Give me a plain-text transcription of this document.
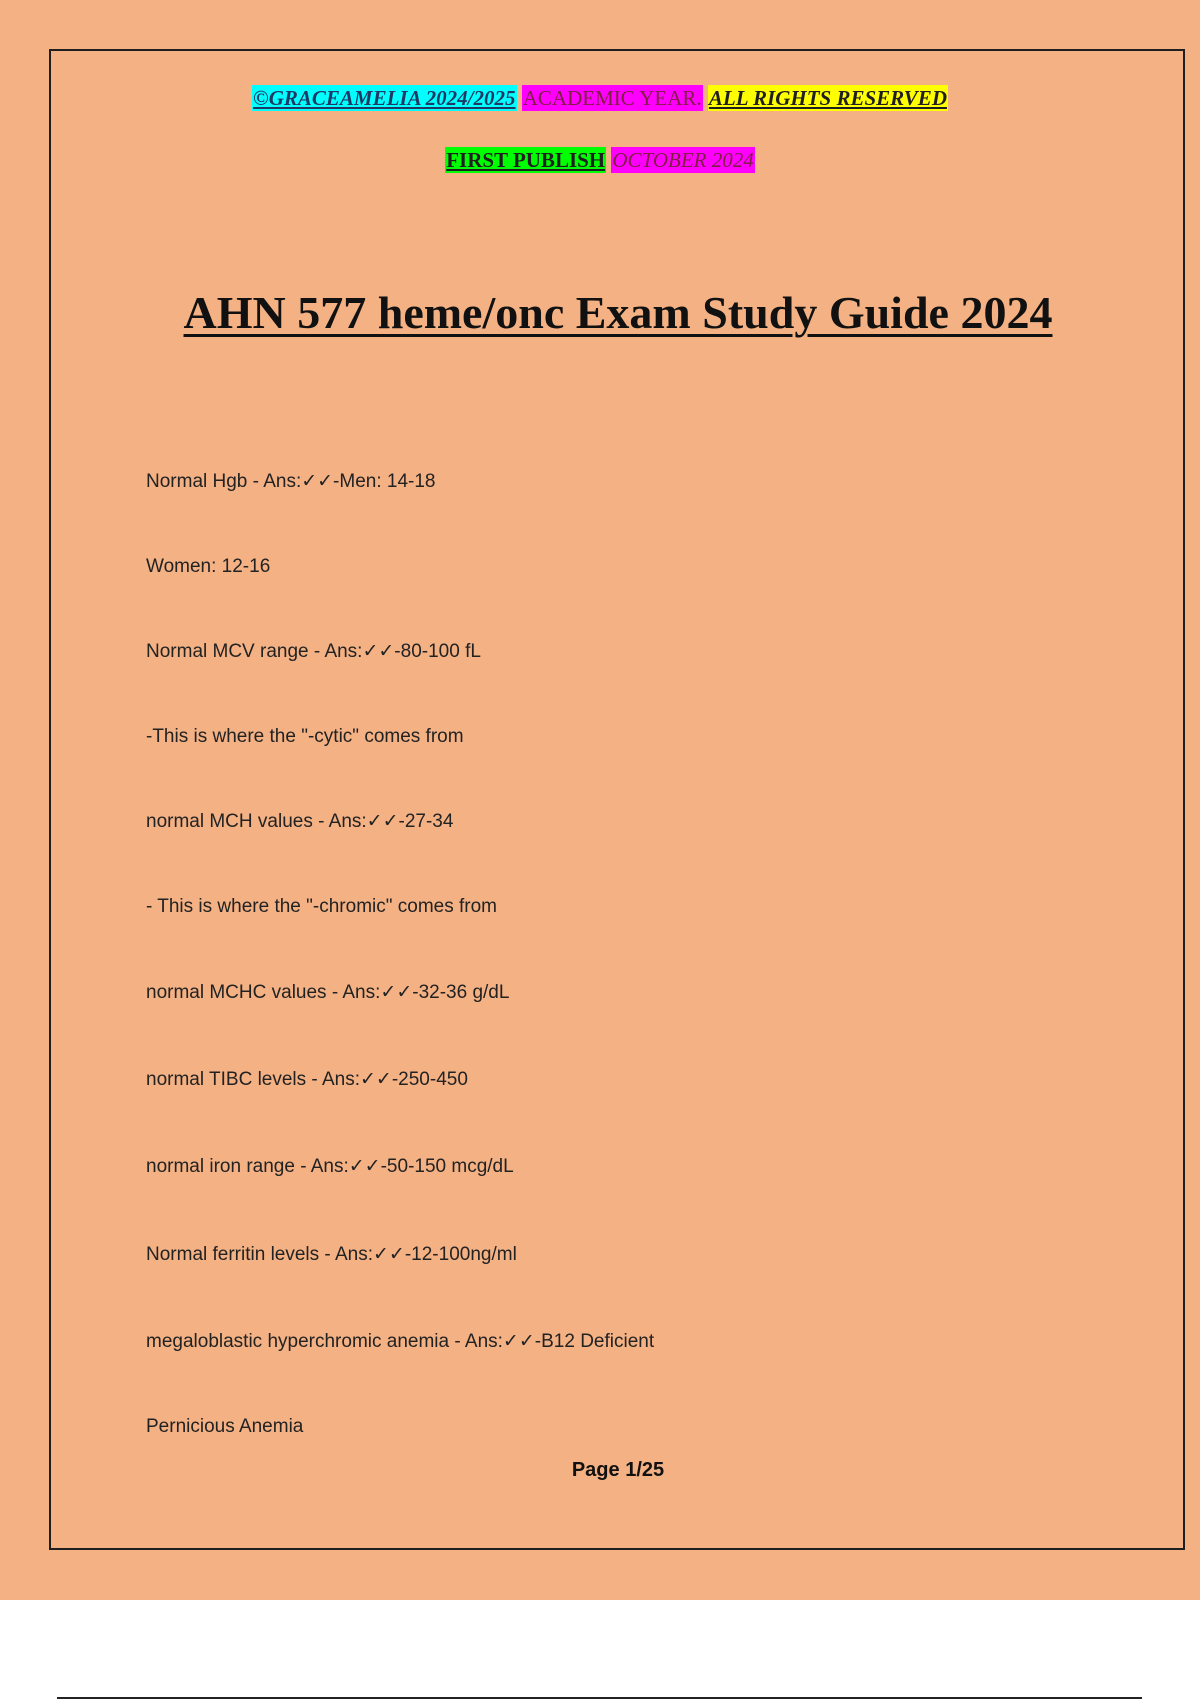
©GRACEAMELIA 2024/2025 ACADEMIC YEAR. ALL RIGHTS RESERVED
FIRST PUBLISH OCTOBER 2024
AHN 577 heme/onc Exam Study Guide 2024
Normal Hgb - Ans:✓✓-Men: 14-18
Women: 12-16
Normal MCV range - Ans:✓✓-80-100 fL
-This is where the "-cytic" comes from
normal MCH values - Ans:✓✓-27-34
- This is where the "-chromic" comes from
normal MCHC values - Ans:✓✓-32-36 g/dL
normal TIBC levels - Ans:✓✓-250-450
normal iron range - Ans:✓✓-50-150 mcg/dL
Normal ferritin levels - Ans:✓✓-12-100ng/ml
megaloblastic hyperchromic anemia - Ans:✓✓-B12 Deficient
Pernicious Anemia
Page 1/25
